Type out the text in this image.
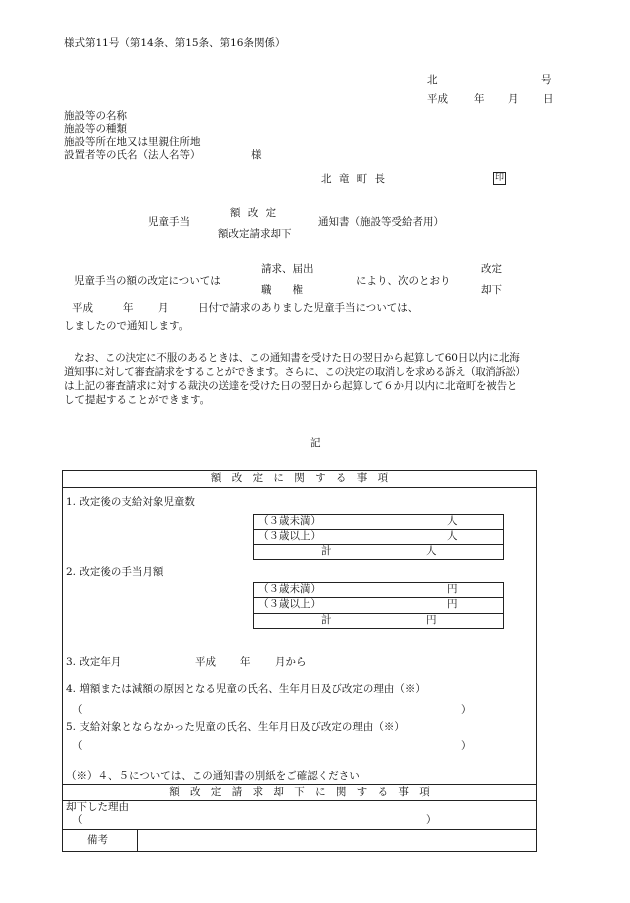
様式第11号（第14条、第15条、第16条関係）
北	号
平成 年 月 日
施設等の名称
施設等の種類
施設等所在地又は里親住所地
設置者等の氏名（法人名等）	様
北 竜 町 長	印
児童手当
額 改 定
額改定請求却下
通知書（施設等受給者用）
児童手当の額の改定については
請求、届出
職　　権
により、次のとおり
改定
却下
平成	年 月	日付で請求のありました児童手当については、
しましたので通知します。
なお、この決定に不服のあるときは、この通知書を受けた日の翌日から起算して60日以内に北海
道知事に対して審査請求をすることができます。さらに、この決定の取消しを求める訴え（取消訴訟）
は上記の審査請求に対する裁決の送達を受けた日の翌日から起算して６か月以内に北竜町を被告と
して提起することができます。
記
額 改 定 に 関 す る 事 項
1. 改定後の支給対象児童数
（３歳未満）	人
（３歳以上）	人
計	人
2. 改定後の手当月額
（３歳未満）	円
（３歳以上）	円
計	円
3. 改定年月	平成 年 月から
4. 増額または減額の原因となる児童の氏名、生年月日及び改定の理由（※）
（	）
5. 支給対象とならなかった児童の氏名、生年月日及び改定の理由（※）
（	）
（※）４、５については、この通知書の別紙をご確認ください
額 改 定 請 求 却 下 に 関 す る 事 項
却下した理由
（	）
備考
